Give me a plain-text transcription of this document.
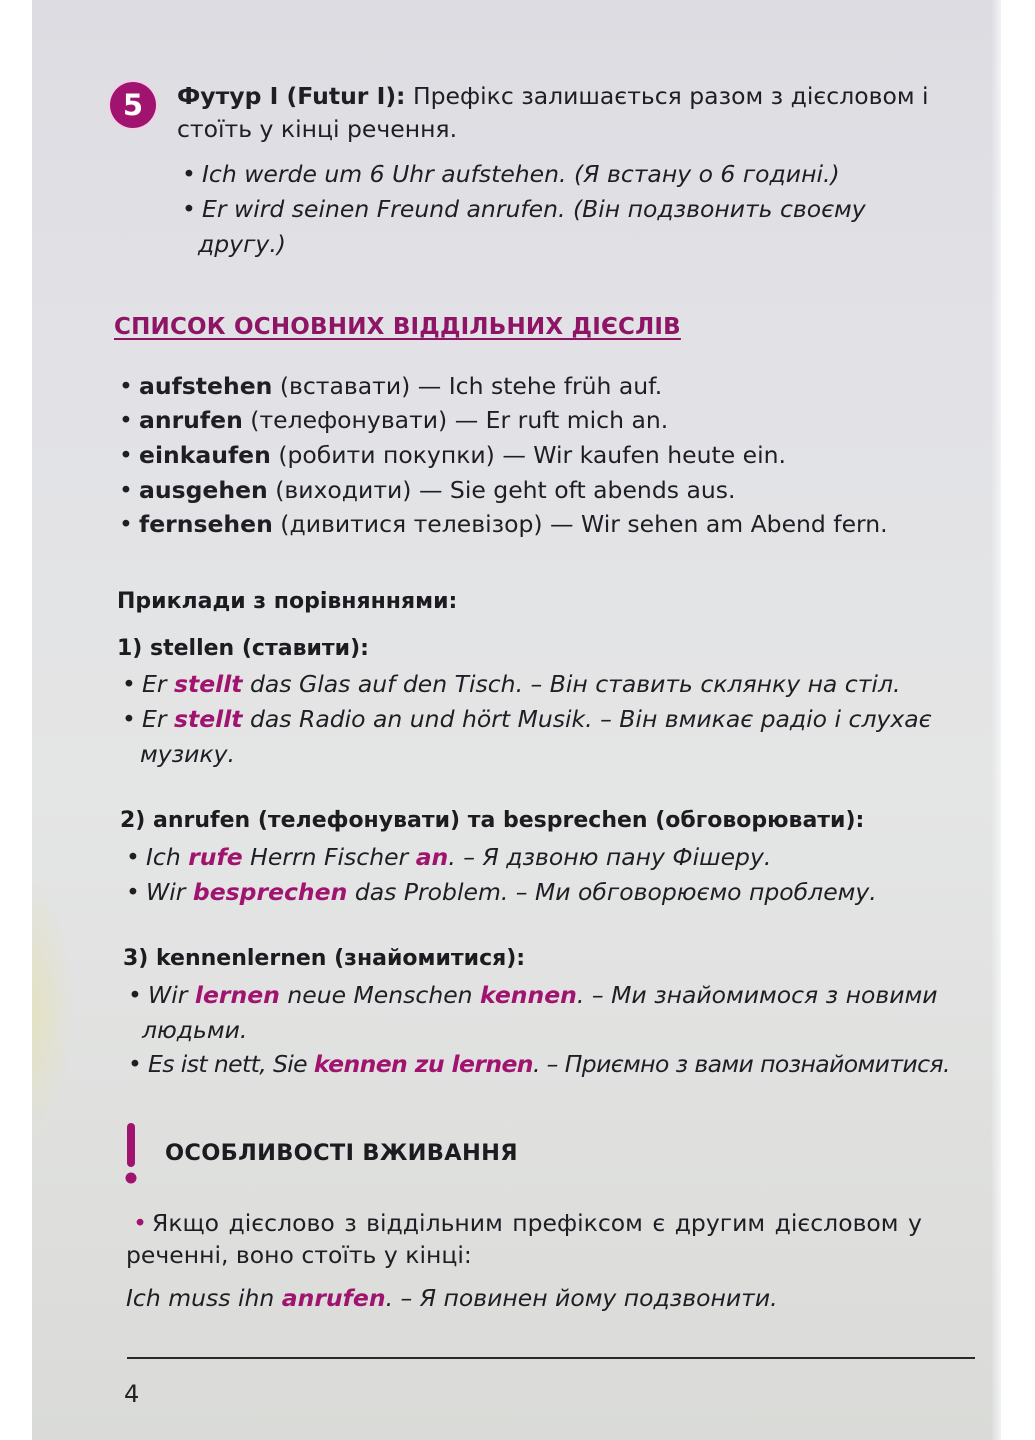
5	Футур I (Futur I): Префікс залишається разом з дієсловом і
стоїть у кінці речення.
• Ich werde um 6 Uhr aufstehen. (Я встану о 6 годині.)
• Er wird seinen Freund anrufen. (Він подзвонить своєму
другу.)
СПИСОК ОСНОВНИХ ВІДДІЛЬНИХ ДІЄСЛІВ
• aufstehen (вставати) — Ich stehe früh auf.
• anrufen (телефонувати) — Er ruft mich an.
• einkaufen (робити покупки) — Wir kaufen heute ein.
• ausgehen (виходити) — Sie geht oft abends aus.
• fernsehen (дивитися телевізор) — Wir sehen am Abend fern.
Приклади з порівняннями:
1) stellen (ставити):
• Er stellt das Glas auf den Tisch. – Він ставить склянку на стіл.
• Er stellt das Radio an und hört Musik. – Він вмикає радіо і слухає
музику.
2) anrufen (телефонувати) та besprechen (обговорювати):
• Ich rufe Herrn Fischer an. – Я дзвоню пану Фішеру.
• Wir besprechen das Problem. – Ми обговорюємо проблему.
3) kennenlernen (знайомитися):
• Wir lernen neue Menschen kennen. – Ми знайомимося з новими
людьми.
• Es ist nett, Sie kennen zu lernen. – Приємно з вами познайомитися.
ОСОБЛИВОСТІ ВЖИВАННЯ
• Якщо дієслово з віддільним префіксом є другим дієсловом у
реченні, воно стоїть у кінці:
Ich muss ihn anrufen. – Я повинен йому подзвонити.
4
